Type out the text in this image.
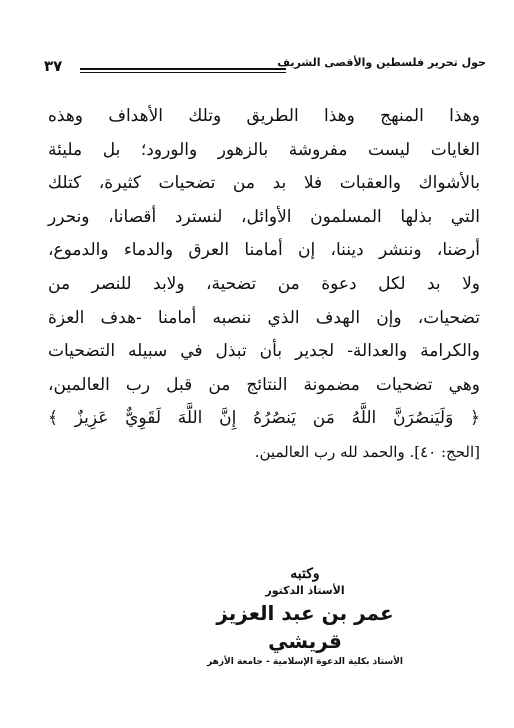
حول تحرير فلسطين والأقصى الشريف
٣٧
وهذا المنهج وهذا الطريق وتلك الأهداف وهذه
الغايات ليست مفروشة بالزهور والورود؛ بل مليئة
بالأشواك والعقبات فلا بد من تضحيات كثيرة، كتلك
التي بذلها المسلمون الأوائل، لنسترد أقصانا، ونحرر
أرضنا، وننشر ديننا، إن أمامنا العرق والدماء والدموع،
ولا بد لكل دعوة من تضحية، ولابد للنصر من
تضحيات، وإن الهدف الذي ننصبه أمامنا -هدف العزة
والكرامة والعدالة- لجدير بأن تبذل في سبيله التضحيات
وهي تضحيات مضمونة النتائج من قبل رب العالمين،
﴿ وَلَيَنصُرَنَّ اللَّهُ مَن يَنصُرُهُ إِنَّ اللَّهَ لَقَوِيٌّ عَزِيزٌ ﴾
[الحج: ٤٠]. والحمد لله رب العالمين.
وكتبه
الأستاذ الدكتور
عمر بن عبد العزيز قريشي
الأستاذ بكلية الدعوة الإسلامية - جامعة الأزهر
